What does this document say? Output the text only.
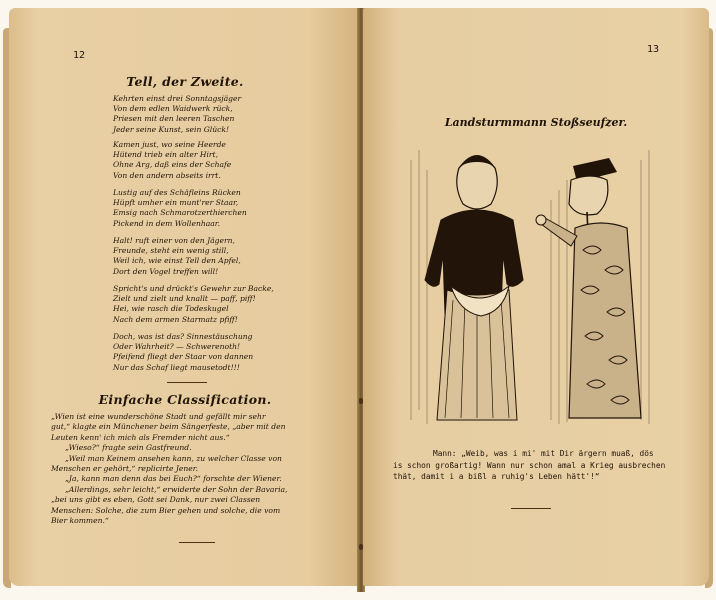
12
Tell, der Zweite.
Kehrten einst drei Sonntagsjäger
Von dem edlen Waidwerk rück,
Priesen mit den leeren Taschen
Jeder seine Kunst, sein Glück!
Kamen just, wo seine Heerde
Hütend trieb ein alter Hirt,
Ohne Arg, daß eins der Schafe
Von den andern abseits irrt.
Lustig auf des Schäfleins Rücken
Hüpft umher ein munt'rer Staar,
Emsig nach Schmarotzerthierchen
Pickend in dem Wollenhaar.
Halt! ruft einer von den Jägern,
Freunde, steht ein wenig still,
Weil ich, wie einst Tell den Apfel,
Dort den Vogel treffen will!
Spricht's und drückt's Gewehr zur Backe,
Zielt und zielt und knallt — paff, piff!
Hei, wie rasch die Todeskugel
Nach dem armen Starmatz pfiff!
Doch, was ist das? Sinnestäuschung
Oder Wahrheit? — Schwerenoth!
Pfeifend fliegt der Staar von dannen
Nur das Schaf liegt mausetodt!!!
Einfache Classification.
„Wien ist eine wunderschöne Stadt und gefällt mir sehr
gut,“ klagte ein Münchener beim Sängerfeste, „aber mit den
Leuten kenn' ich mich als Fremder nicht aus.“
„Wieso?“ fragte sein Gastfreund.
„Weil man Keinem ansehen kann, zu welcher Classe von
Menschen er gehört,“ replicirte Jener.
„Ja, kann man denn das bei Euch?“ forschte der Wiener.
„Allerdings, sehr leicht,“ erwiderte der Sohn der Bavaria,
„bei uns gibt es eben, Gott sei Dank, nur zwei Classen
Menschen: Solche, die zum Bier gehen und solche, die vom
Bier kommen.“
13
Landsturmmann Stoßseufzer.
Mann: „Weib, was i mi' mit Dir ärgern muaß, dös
is schon großartig! Wann nur schon amal a Krieg ausbrechen
thät, damit i a bißl a ruhig's Leben hätt'!“
